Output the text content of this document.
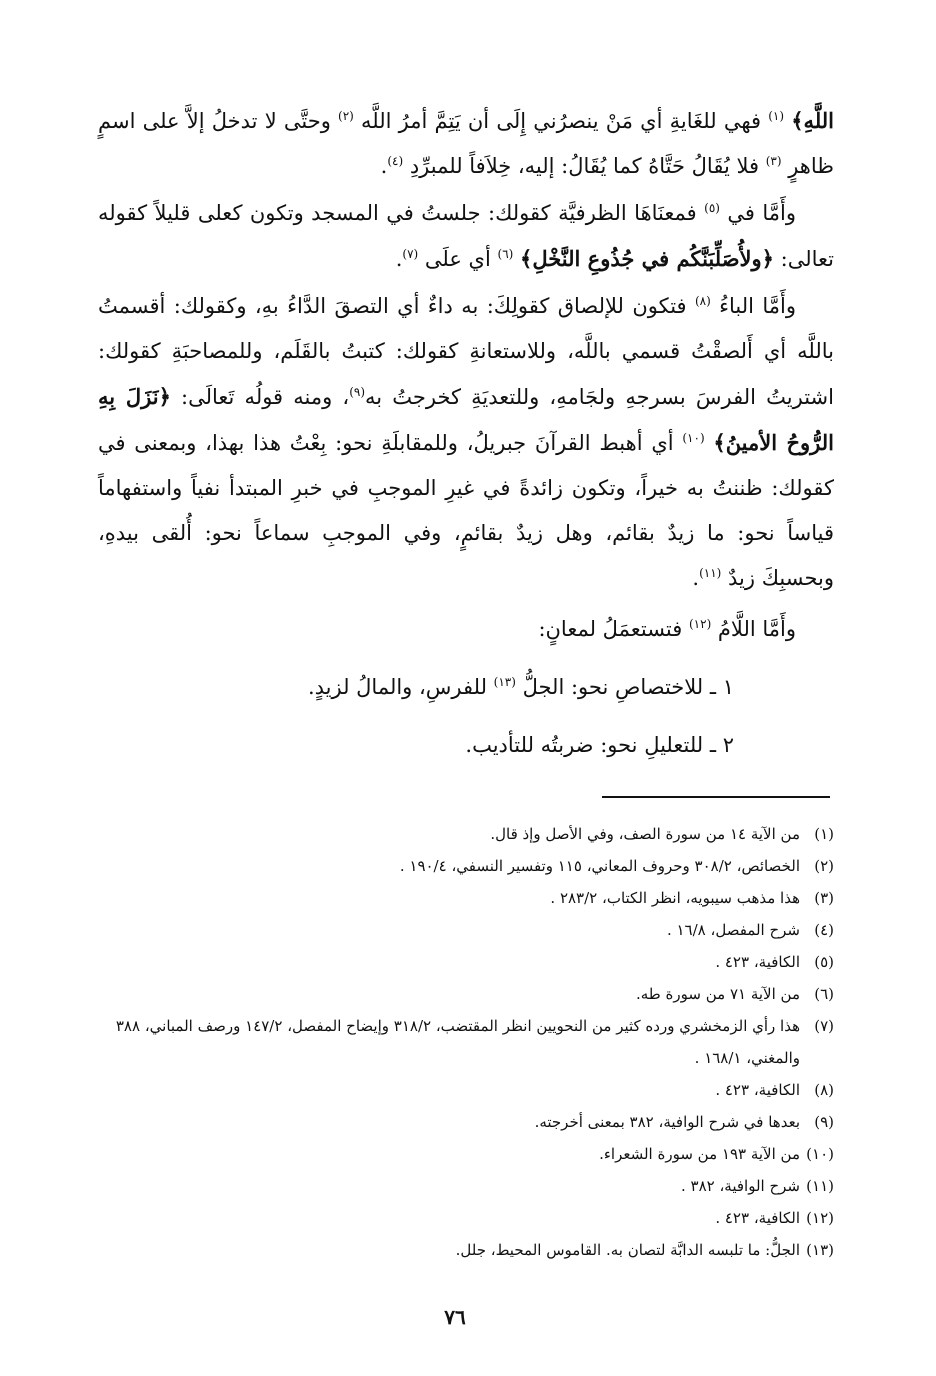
اللَّهِ﴾ $^{(١)}$ فهي للغَايةِ أي مَنْ ينصرُني إِلَى أن يَتِمَّ أمرُ اللَّه $^{(٢)}$ وحتَّى لا تدخلُ إلاَّ على اسمٍ ظاهرٍ $^{(٣)}$ فلا يُقَالُ حَتَّاهُ كما يُقَالُ: إليه، خِلاَفاً للمبرِّدِ $^{(٤)}$.

وأَمَّا في $^{(٥)}$ فمعنَاهَا الظرفيَّة كقولك: جلستُ في المسجد وتكون كعلى قليلاً كقوله تعالى: ﴿ولأُصَلِّبَنَّكُم في جُذُوعِ النَّخْلِ﴾ $^{(٦)}$ أي علَى $^{(٧)}$.

وأَمَّا الباءُ $^{(٨)}$ فتكون للإلصاق كقولِكَ: به داءٌ أي التصقَ الدَّاءُ بهِ، وكقولك: أقسمتُ باللَّه أي أَلصقْتُ قسمي باللَّه، وللاستعانةِ كقولك: كتبتُ بالقَلَم، وللمصاحبَةِ كقولك: اشتريتُ الفرسَ بسرجهِ ولجَامهِ، وللتعديَةِ كخرجتُ به$^{(٩)}$، ومنه قولُه تَعالَى: ﴿نَزَلَ بِهِ الرُّوحُ الأمينُ﴾ $^{(١٠)}$ أي أهبط القرآنَ جبريلُ، وللمقابلَةِ نحو: بِعْتُ هذا بهذا، وبمعنى في كقولك: ظننتُ به خيراً، وتكون زائدةً في غيرِ الموجبِ في خبرِ المبتدأ نفياً واستفهاماً قياساً نحو: ما زيدٌ بقائم، وهل زيدٌ بقائمٍ، وفي الموجبِ سماعاً نحو: أُلقى بيدهِ، وبحسبِكَ زيدٌ $^{(١١)}$.

وأَمَّا اللَّامُ $^{(١٢)}$ فتستعمَلُ لمعانٍ:

١ ـ للاختصاصِ نحو: الجلُّ $^{(١٣)}$ للفرسِ، والمالُ لزيدٍ.

٢ ـ للتعليلِ نحو: ضربتُه للتأديب.

(١)
من الآية ١٤ من سورة الصف، وفي الأصل وإذ قال.
(٢)
الخصائص، ٣٠٨/٢ وحروف المعاني، ١١٥ وتفسير النسفي، ١٩٠/٤ .
(٣)
هذا مذهب سيبويه، انظر الكتاب، ٢٨٣/٢ .
(٤)
شرح المفصل، ١٦/٨ .
(٥)
الكافية، ٤٢٣ .
(٦)
من الآية ٧١ من سورة طه.
(٧)
هذا رأي الزمخشري ورده كثير من النحويين انظر المقتضب، ٣١٨/٢ وإيضاح المفصل، ١٤٧/٢ ورصف المباني، ٣٨٨ والمغني، ١٦٨/١ .
(٨)
الكافية، ٤٢٣ .
(٩)
بعدها في شرح الوافية، ٣٨٢ بمعنى أخرجته.
(١٠)
من الآية ١٩٣ من سورة الشعراء.
(١١)
شرح الوافية، ٣٨٢ .
(١٢)
الكافية، ٤٢٣ .
(١٣)
الجلُّ: ما تلبسه الدابَّة لتصان به. القاموس المحيط، جلل.
٧٦
